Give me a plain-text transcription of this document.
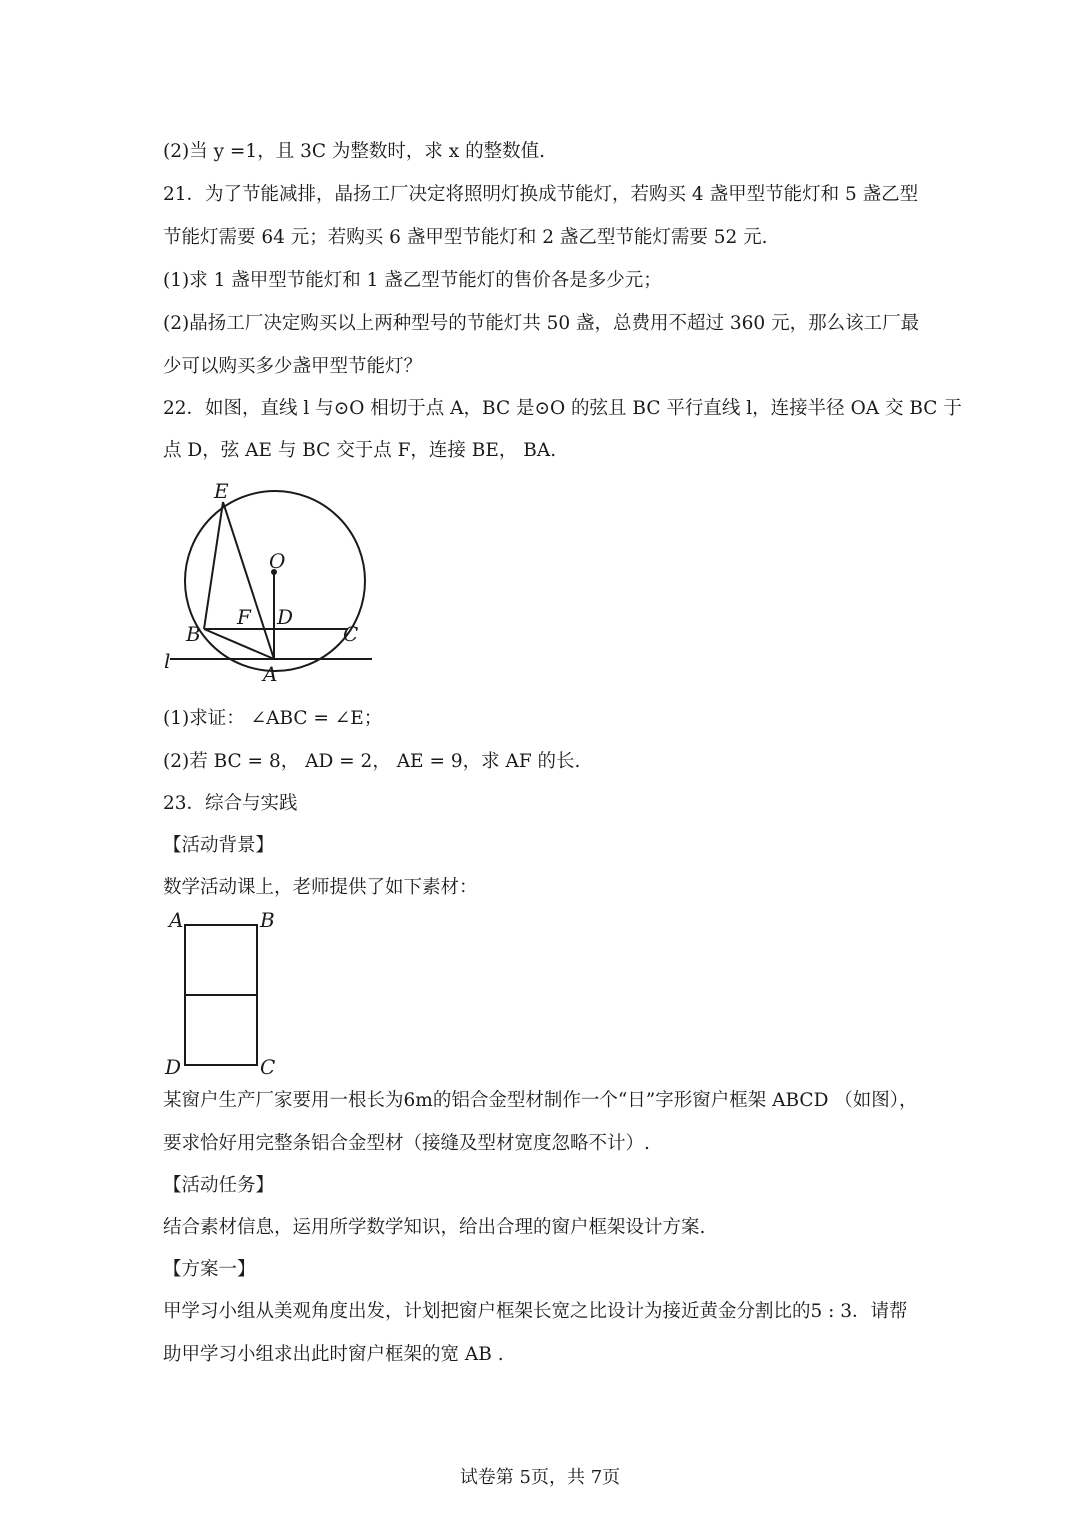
(2)当 y =1，且 3C 为整数时，求 x 的整数值.
21．为了节能减排，晶扬工厂决定将照明灯换成节能灯，若购买 4 盏甲型节能灯和 5 盏乙型
节能灯需要 64 元；若购买 6 盏甲型节能灯和 2 盏乙型节能灯需要 52 元.
(1)求 1 盏甲型节能灯和 1 盏乙型节能灯的售价各是多少元；
(2)晶扬工厂决定购买以上两种型号的节能灯共 50 盏，总费用不超过 360 元，那么该工厂最
少可以购买多少盏甲型节能灯？
22．如图，直线 l 与⊙O 相切于点 A，BC 是⊙O 的弦且 BC 平行直线 l，连接半径 OA 交 BC 于
点 D，弦 AE 与 BC 交于点 F，连接 BE， BA.
E
O
F D
B	C
l
A
(1)求证： ∠ABC = ∠E；
(2)若 BC = 8， AD = 2， AE = 9，求 AF 的长.
23．综合与实践
【活动背景】
数学活动课上，老师提供了如下素材：
A	B
D	C
某窗户生产厂家要用一根长为6m的铝合金型材制作一个“日”字形窗户框架 ABCD （如图），
要求恰好用完整条铝合金型材（接缝及型材宽度忽略不计）.
【活动任务】
结合素材信息，运用所学数学知识，给出合理的窗户框架设计方案.
【方案一】
甲学习小组从美观角度出发，计划把窗户框架长宽之比设计为接近黄金分割比的5 : 3．请帮
助甲学习小组求出此时窗户框架的宽 AB .
试卷第 5页，共 7页
